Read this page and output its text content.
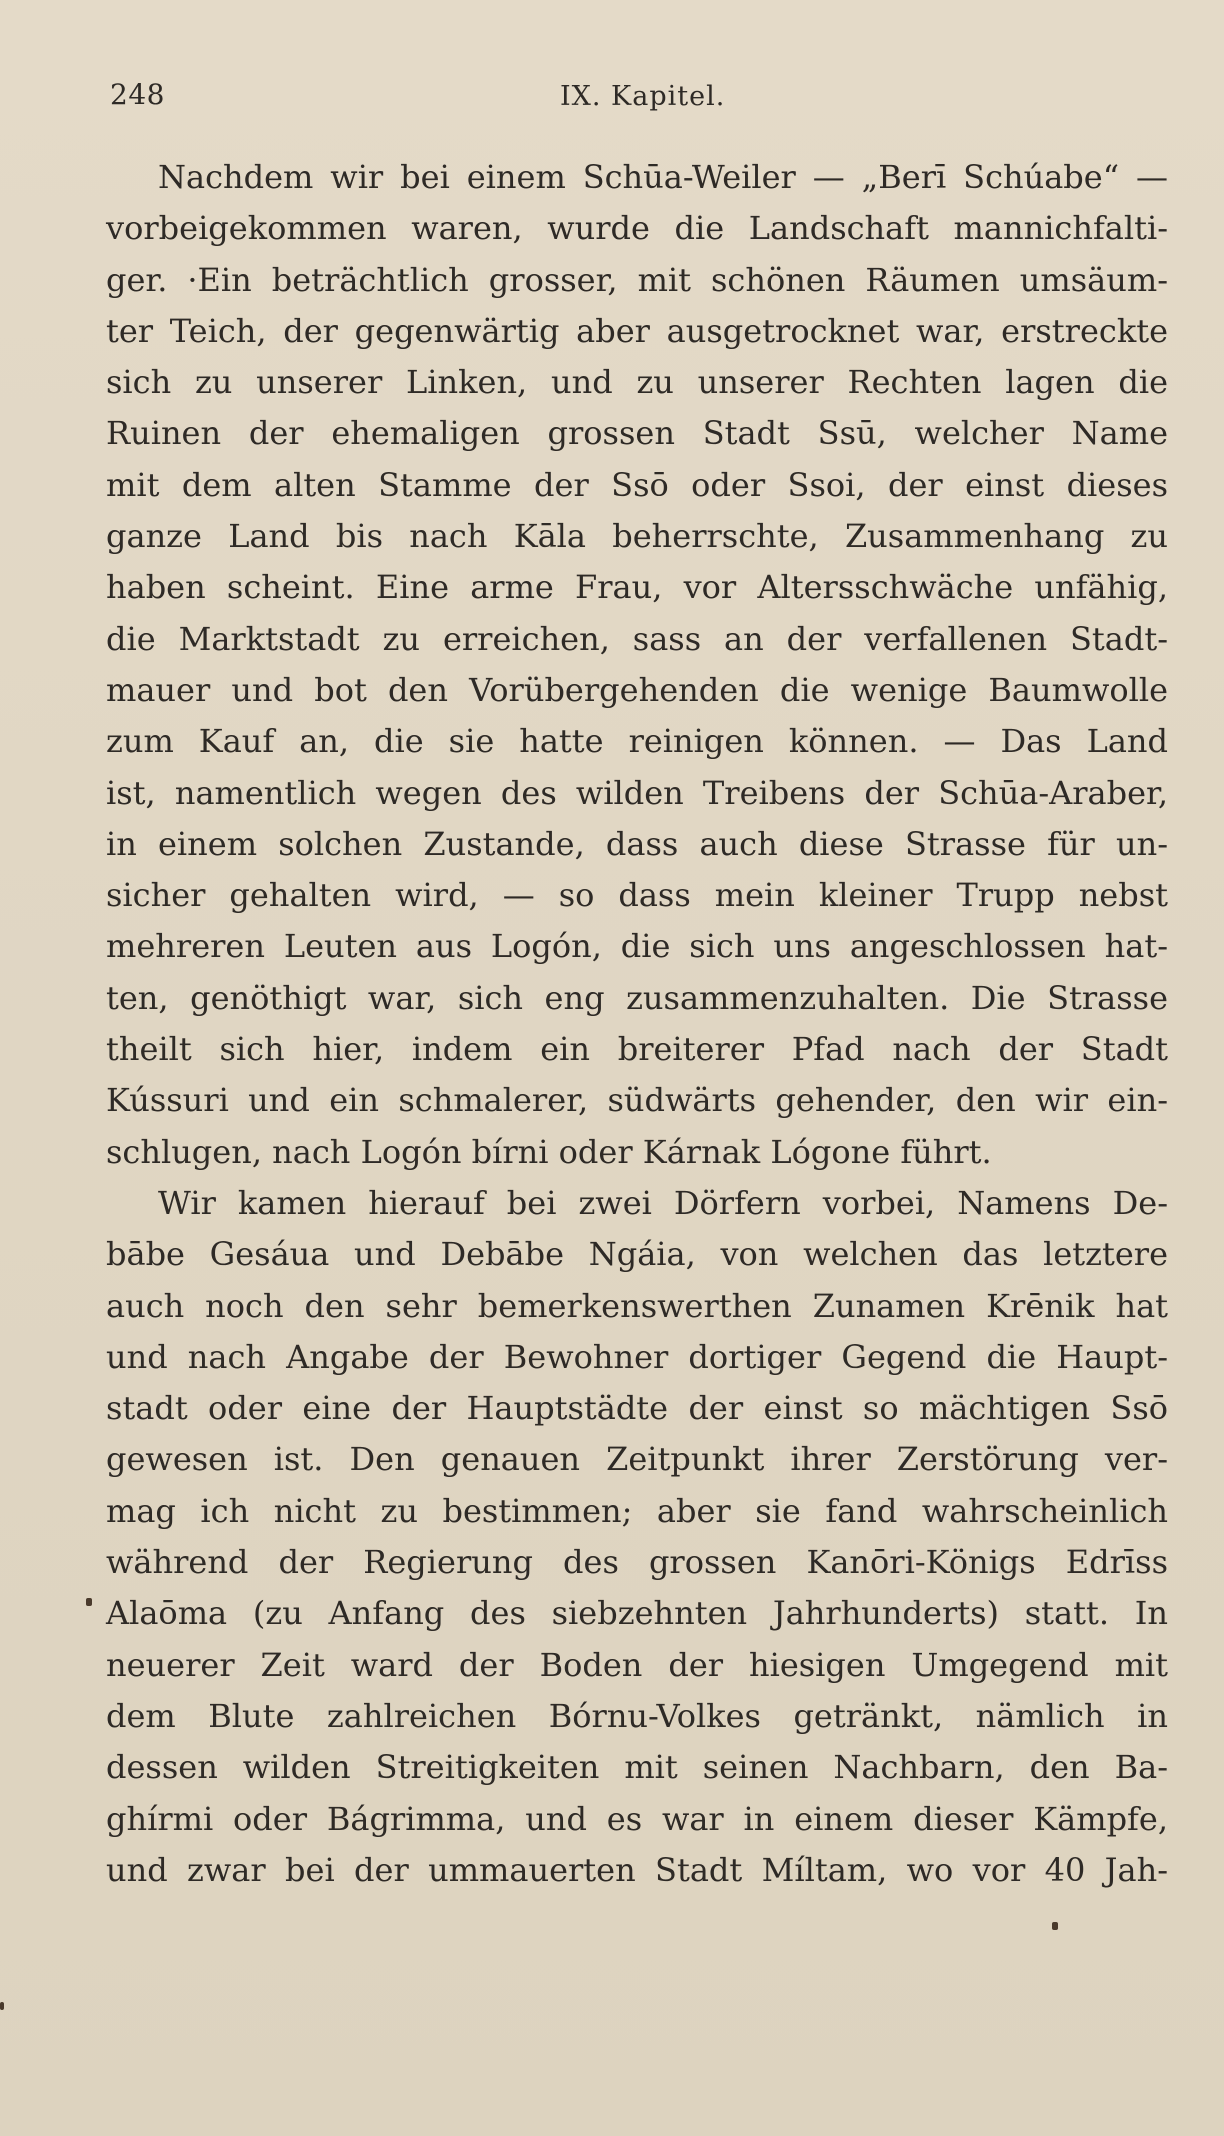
248	IX. Kapitel.
Nachdem wir bei einem Schūa-Weiler — „Berī Schúabe“ —
vorbeigekommen waren, wurde die Landschaft mannichfalti-
ger. ·Ein beträchtlich grosser, mit schönen Räumen umsäum-
ter Teich, der gegenwärtig aber ausgetrocknet war, erstreckte
sich zu unserer Linken, und zu unserer Rechten lagen die
Ruinen der ehemaligen grossen Stadt Ssū, welcher Name
mit dem alten Stamme der Ssō oder Ssoi, der einst dieses
ganze Land bis nach Kāla beherrschte, Zusammenhang zu
haben scheint. Eine arme Frau, vor Altersschwäche unfähig,
die Marktstadt zu erreichen, sass an der verfallenen Stadt-
mauer und bot den Vorübergehenden die wenige Baumwolle
zum Kauf an, die sie hatte reinigen können. — Das Land
ist, namentlich wegen des wilden Treibens der Schūa-Araber,
in einem solchen Zustande, dass auch diese Strasse für un-
sicher gehalten wird, — so dass mein kleiner Trupp nebst
mehreren Leuten aus Logón, die sich uns angeschlossen hat-
ten, genöthigt war, sich eng zusammenzuhalten. Die Strasse
theilt sich hier, indem ein breiterer Pfad nach der Stadt
Kússuri und ein schmalerer, südwärts gehender, den wir ein-
schlugen, nach Logón bírni oder Kárnak Lógone führt.
Wir kamen hierauf bei zwei Dörfern vorbei, Namens De-
bābe Gesáua und Debābe Ngáia, von welchen das letztere
auch noch den sehr bemerkenswerthen Zunamen Krēnik hat
und nach Angabe der Bewohner dortiger Gegend die Haupt-
stadt oder eine der Hauptstädte der einst so mächtigen Ssō
gewesen ist. Den genauen Zeitpunkt ihrer Zerstörung ver-
mag ich nicht zu bestimmen; aber sie fand wahrscheinlich
während der Regierung des grossen Kanōri-Königs Edrīss
Alaōma (zu Anfang des siebzehnten Jahrhunderts) statt. In
neuerer Zeit ward der Boden der hiesigen Umgegend mit
dem Blute zahlreichen Bórnu-Volkes getränkt, nämlich in
dessen wilden Streitigkeiten mit seinen Nachbarn, den Ba-
ghírmi oder Bágrimma, und es war in einem dieser Kämpfe,
und zwar bei der ummauerten Stadt Míltam, wo vor 40 Jah-
